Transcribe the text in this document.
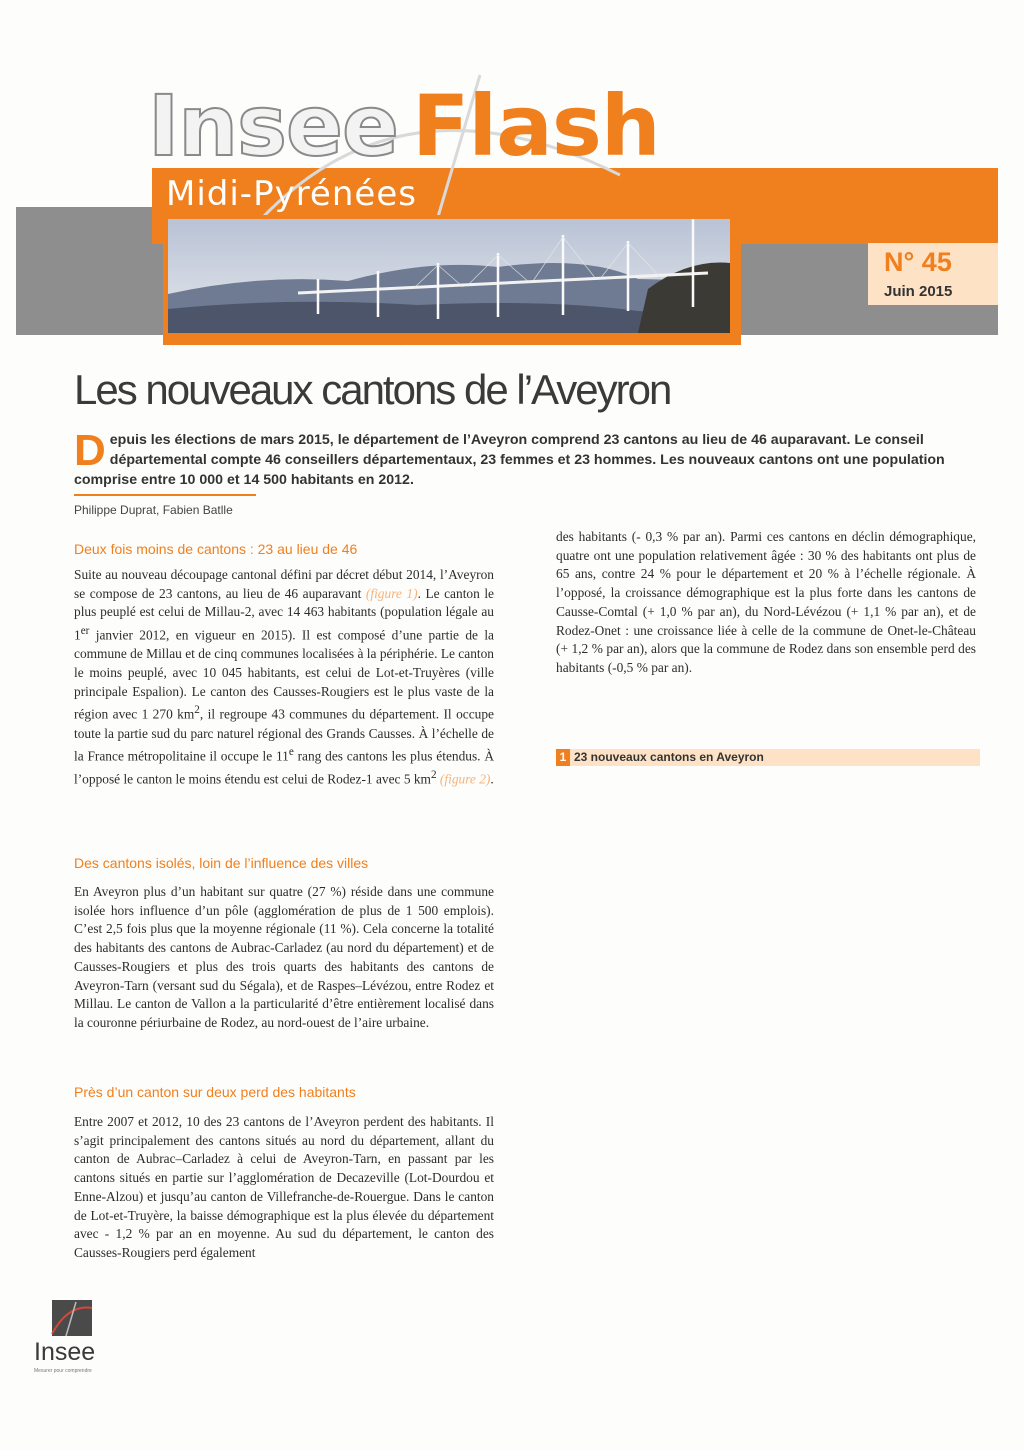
Insee Flash
Midi-Pyrénées
N° 45
Juin 2015
Les nouveaux cantons de l’Aveyron
Depuis les élections de mars 2015, le département de l’Aveyron comprend 23 cantons au lieu de 46 auparavant. Le conseil départemental compte 46 conseillers départementaux, 23 femmes et 23 hommes. Les nouveaux cantons ont une population comprise entre 10 000 et 14 500 habitants en 2012.
Philippe Duprat, Fabien Batlle
Deux fois moins de cantons : 23 au lieu de 46

Suite au nouveau découpage cantonal défini par décret début 2014, l’Aveyron se compose de 23 cantons, au lieu de 46 auparavant (figure 1). Le canton le plus peuplé est celui de Millau-2, avec 14 463 habitants (population légale au 1er janvier 2012, en vigueur en 2015). Il est composé d’une partie de la commune de Millau et de cinq communes localisées à la périphérie. Le canton le moins peuplé, avec 10 045 habitants, est celui de Lot-et-Truyères (ville principale Espalion). Le canton des Causses-Rougiers est le plus vaste de la région avec 1 270 $km^2$, il regroupe 43 communes du département. Il occupe toute la partie sud du parc naturel régional des Grands Causses. À l’échelle de la France métropolitaine il occupe le 11e rang des cantons les plus étendus. À l’opposé le canton le moins étendu est celui de Rodez-1 avec 5 $km^2$ (figure 2).

Des cantons isolés, loin de l’influence des villes

En Aveyron plus d’un habitant sur quatre (27 %) réside dans une commune isolée hors influence d’un pôle (agglomération de plus de 1 500 emplois). C’est 2,5 fois plus que la moyenne régionale (11 %). Cela concerne la totalité des habitants des cantons de Aubrac-Carladez (au nord du département) et de Causses-Rougiers et plus des trois quarts des habitants des cantons de Aveyron-Tarn (versant sud du Ségala), et de Raspes–Lévézou, entre Rodez et Millau. Le canton de Vallon a la particularité d’être entièrement localisé dans la couronne périurbaine de Rodez, au nord-ouest de l’aire urbaine.

Près d’un canton sur deux perd des habitants

Entre 2007 et 2012, 10 des 23 cantons de l’Aveyron perdent des habitants. Il s’agit principalement des cantons situés au nord du département, allant du canton de Aubrac–Carladez à celui de Aveyron-Tarn, en passant par les cantons situés en partie sur l’agglomération de Decazeville (Lot-Dourdou et Enne-Alzou) et jusqu’au canton de Villefranche-de-Rouergue. Dans le canton de Lot-et-Truyère, la baisse démographique est la plus élevée du département avec - 1,2 % par an en moyenne. Au sud du département, le canton des Causses-Rougiers perd également

des habitants (- 0,3 % par an). Parmi ces cantons en déclin démographique, quatre ont une population relativement âgée : 30 % des habitants ont plus de 65 ans, contre 24 % pour le département et 20 % à l’échelle régionale. À l’opposé, la croissance démographique est la plus forte dans les cantons de Causse-Comtal (+ 1,0 % par an), du Nord-Lévézou (+ 1,1 % par an), et de Rodez-Onet : une croissance liée à celle de la commune de Onet-le-Château (+ 1,2 % par an), alors que la commune de Rodez dans son ensemble perd des habitants (-0,5 % par an).

1 23 nouveaux cantons en Aveyron
Insee
Mesurer pour comprendre
